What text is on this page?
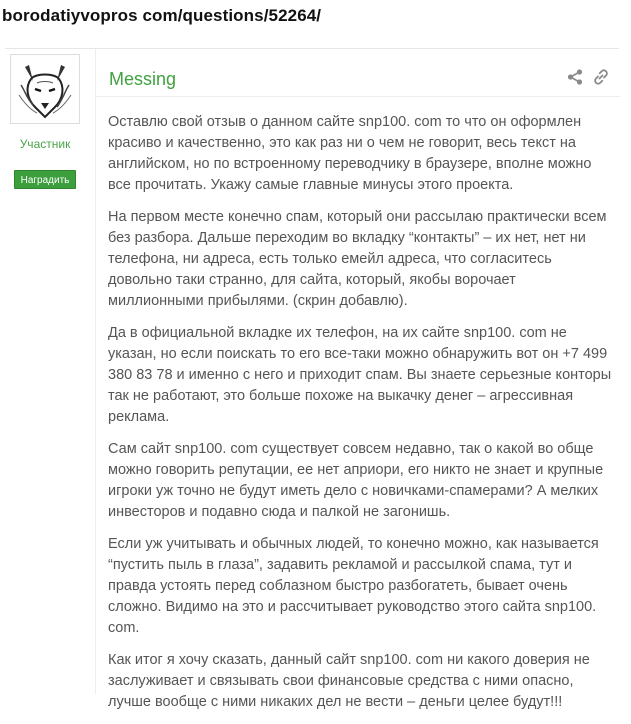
borodatiyvopros com/questions/52264/
Участник
Наградить
Messing

Оставлю свой отзыв о данном сайте snp100. com то что он оформлен красиво и качественно, это как раз ни о чем не говорит, весь текст на английском, но по встроенному переводчику в браузере, вполне можно все прочитать. Укажу самые главные минусы этого проекта.

На первом месте конечно спам, который они рассылаю практически всем без разбора. Дальше переходим во вкладку “контакты” – их нет, нет ни телефона, ни адреса, есть только емейл адреса, что согласитесь довольно таки странно, для сайта, который, якобы ворочает миллионными прибылями. (скрин добавлю).

Да в официальной вкладке их телефон, на их сайте snp100. com не указан, но если поискать то его все-таки можно обнаружить вот он +7 499 380 83 78 и именно с него и приходит спам. Вы знаете серьезные конторы так не работают, это больше похоже на выкачку денег – агрессивная реклама.

Сам сайт snp100. com существует совсем недавно, так о какой во обще можно говорить репутации, ее нет априори, его никто не знает и крупные игроки уж точно не будут иметь дело с новичками-спамерами? А мелких инвесторов и подавно сюда и палкой не загонишь.

Если уж учитывать и обычных людей, то конечно можно, как называется “пустить пыль в глаза”, задавить рекламой и рассылкой спама, тут и правда устоять перед соблазном быстро разбогатеть, бывает очень сложно. Видимо на это и рассчитывает руководство этого сайта snp100. com.

Как итог я хочу сказать, данный сайт snp100. com ни какого доверия не заслуживает и связывать свои финансовые средства с ними опасно, лучше вообще с ними никаких дел не вести – деньги целее будут!!!
